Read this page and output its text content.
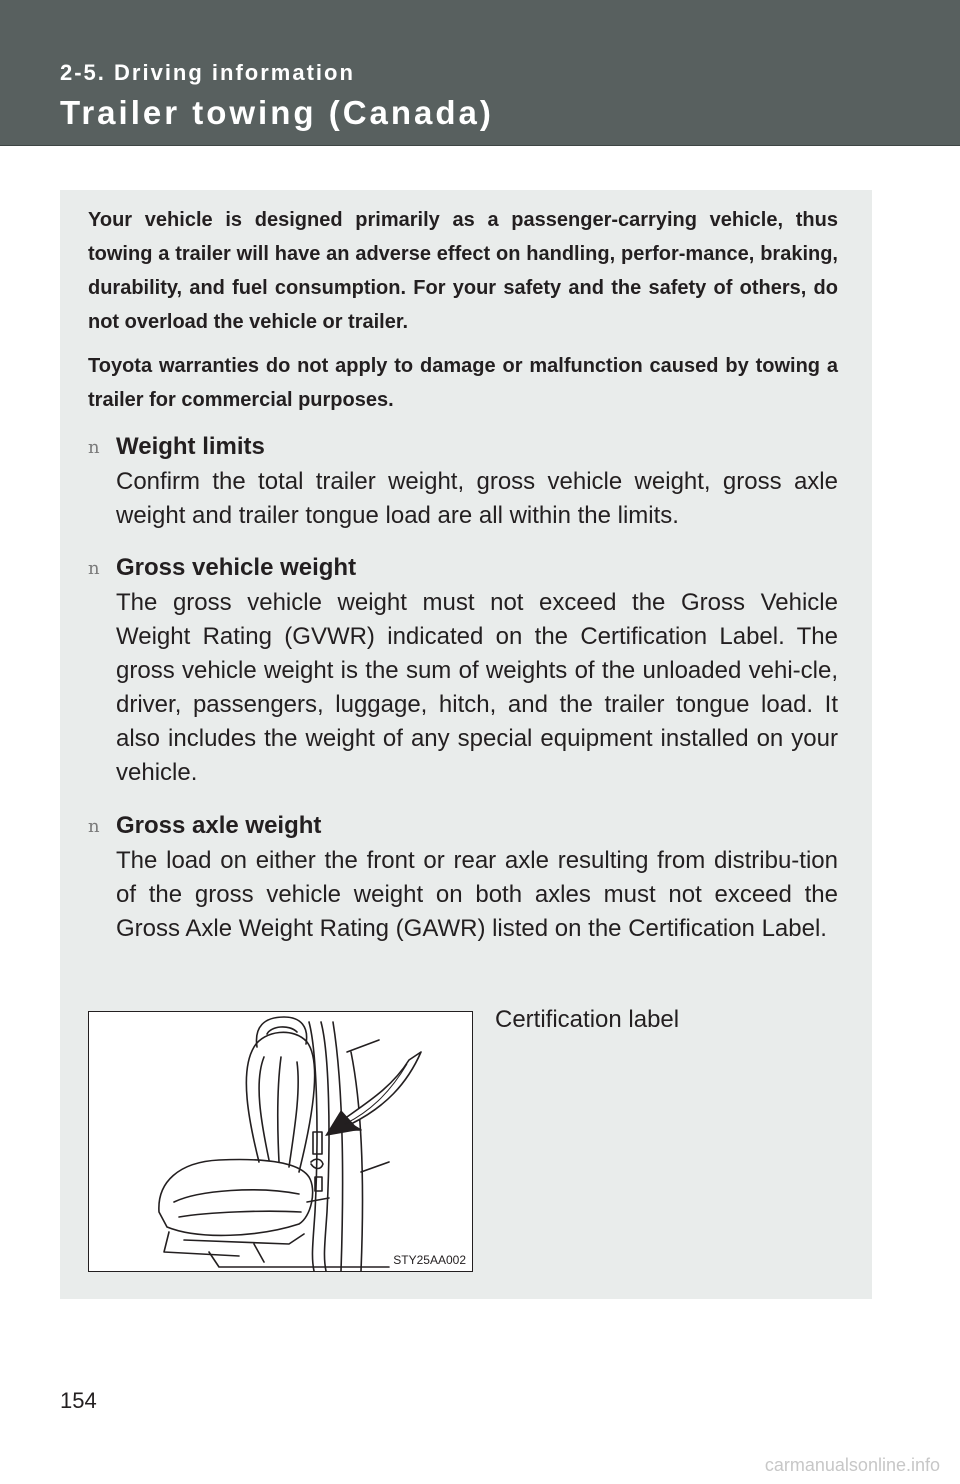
2-5. Driving information
Trailer towing (Canada)

Your vehicle is designed primarily as a passenger-carrying vehicle, thus towing a trailer will have an adverse effect on handling, perfor-mance, braking, durability, and fuel consumption. For your safety and the safety of others, do not overload the vehicle or trailer.

Toyota warranties do not apply to damage or malfunction caused by towing a trailer for commercial purposes.

n Weight limits

Confirm the total trailer weight, gross vehicle weight, gross axle weight and trailer tongue load are all within the limits.

n Gross vehicle weight

The gross vehicle weight must not exceed the Gross Vehicle Weight Rating (GVWR) indicated on the Certification Label. The gross vehicle weight is the sum of weights of the unloaded vehi-cle, driver, passengers, luggage, hitch, and the trailer tongue load. It also includes the weight of any special equipment installed on your vehicle.

n Gross axle weight

The load on either the front or rear axle resulting from distribu-tion of the gross vehicle weight on both axles must not exceed the Gross Axle Weight Rating (GAWR) listed on the Certification Label.

STY25AA002
Certification label
154
carmanualsonline.info
